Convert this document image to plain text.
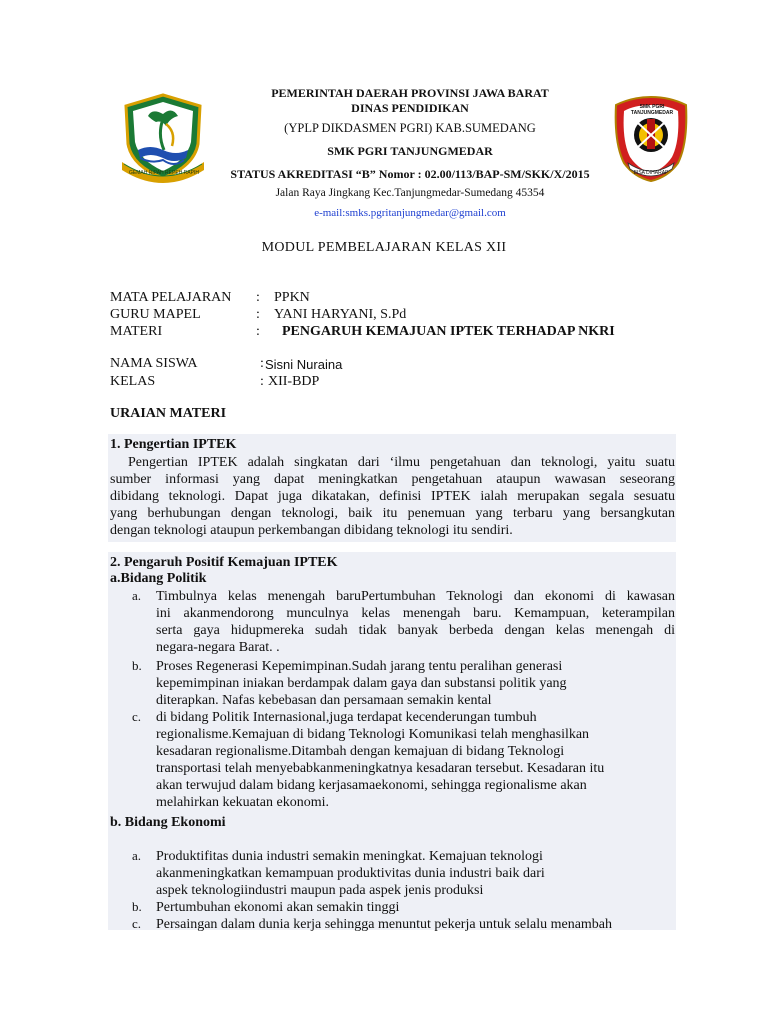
GEMAH RIPAH REPEH RAPIH
SMK PGRI TANJUNGMEDAR
BISA DIHARAP
PEMERINTAH DAERAH PROVINSI JAWA BARAT
DINAS PENDIDIKAN
(YPLP DIKDASMEN PGRI) KAB.SUMEDANG
SMK PGRI TANJUNGMEDAR
STATUS AKREDITASI “B” Nomor : 02.00/113/BAP-SM/SKK/X/2015
Jalan Raya Jingkang Kec.Tanjungmedar-Sumedang 45354
e-mail:smks.pgritanjungmedar@gmail.com
MODUL PEMBELAJARAN KELAS XII
MATA PELAJARAN : PPKN
GURU MAPEL	: YANI HARYANI, S.Pd
MATERI	: PENGARUH KEMAJUAN IPTEK TERHADAP NKRI
NAMA SISWA	: Sisni Nuraina
KELAS	: XII-BDP
URAIAN MATERI
1. Pengertian IPTEK
Pengertian IPTEK adalah singkatan dari ‘ilmu pengetahuan dan teknologi, yaitu suatu
sumber informasi yang dapat meningkatkan pengetahuan ataupun wawasan seseorang
dibidang teknologi. Dapat juga dikatakan, definisi IPTEK ialah merupakan segala sesuatu
yang berhubungan dengan teknologi, baik itu penemuan yang terbaru yang bersangkutan
dengan teknologi ataupun perkembangan dibidang teknologi itu sendiri.
2. Pengaruh Positif Kemajuan IPTEK
a.Bidang Politik
a. Timbulnya kelas menengah baruPertumbuhan Teknologi dan ekonomi di kawasan
ini akanmendorong munculnya kelas menengah baru. Kemampuan, keterampilan
serta gaya hidupmereka sudah tidak banyak berbeda dengan kelas menengah di
negara-negara Barat. .
b. Proses Regenerasi Kepemimpinan.Sudah jarang tentu peralihan generasi
kepemimpinan iniakan berdampak dalam gaya dan substansi politik yang
diterapkan. Nafas kebebasan dan persamaan semakin kental
c. di bidang Politik Internasional,juga terdapat kecenderungan tumbuh
regionalisme.Kemajuan di bidang Teknologi Komunikasi telah menghasilkan
kesadaran regionalisme.Ditambah dengan kemajuan di bidang Teknologi
transportasi telah menyebabkanmeningkatnya kesadaran tersebut. Kesadaran itu
akan terwujud dalam bidang kerjasamaekonomi, sehingga regionalisme akan
melahirkan kekuatan ekonomi.
b. Bidang Ekonomi
a. Produktifitas dunia industri semakin meningkat. Kemajuan teknologi
akanmeningkatkan kemampuan produktivitas dunia industri baik dari
aspek teknologiindustri maupun pada aspek jenis produksi
b. Pertumbuhan ekonomi akan semakin tinggi
c. Persaingan dalam dunia kerja sehingga menuntut pekerja untuk selalu menambah
